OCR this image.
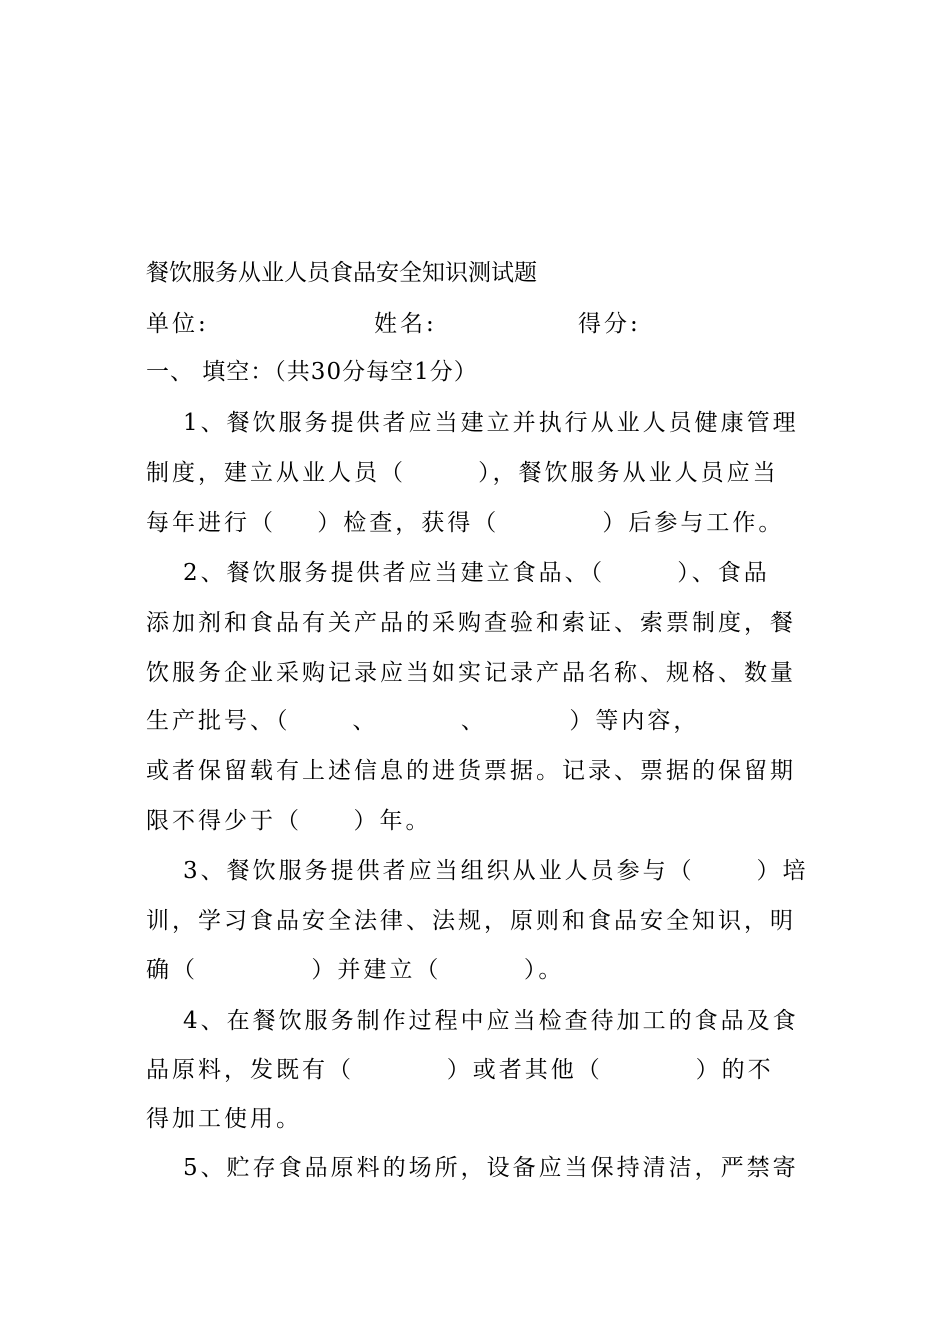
餐饮服务从业人员食品安全知识测试题

单位:

	姓名:

	得分:

一、 填空：（共30分每空1分）
1、餐饮服务提供者应当建立并执行从业人员健康管理
制度，建立从业人员（       ），餐饮服务从业人员应当
每年进行（    ）检查，获得（          ）后参与工作。
2、餐饮服务提供者应当建立食品、（       ）、食品
添加剂和食品有关产品的采购查验和索证、索票制度，餐
饮服务企业采购记录应当如实记录产品名称、规格、数量
生产批号、（      、        、        ）等内容，
或者保留载有上述信息的进货票据。记录、票据的保留期
限不得少于（     ）年。
3、餐饮服务提供者应当组织从业人员参与（      ）培
训，学习食品安全法律、法规，原则和食品安全知识，明
确（           ）并建立（        ）。
4、在餐饮服务制作过程中应当检查待加工的食品及食
品原料，发既有（         ）或者其他（         ）的不
得加工使用。
5、贮存食品原料的场所，设备应当保持清洁，严禁寄
